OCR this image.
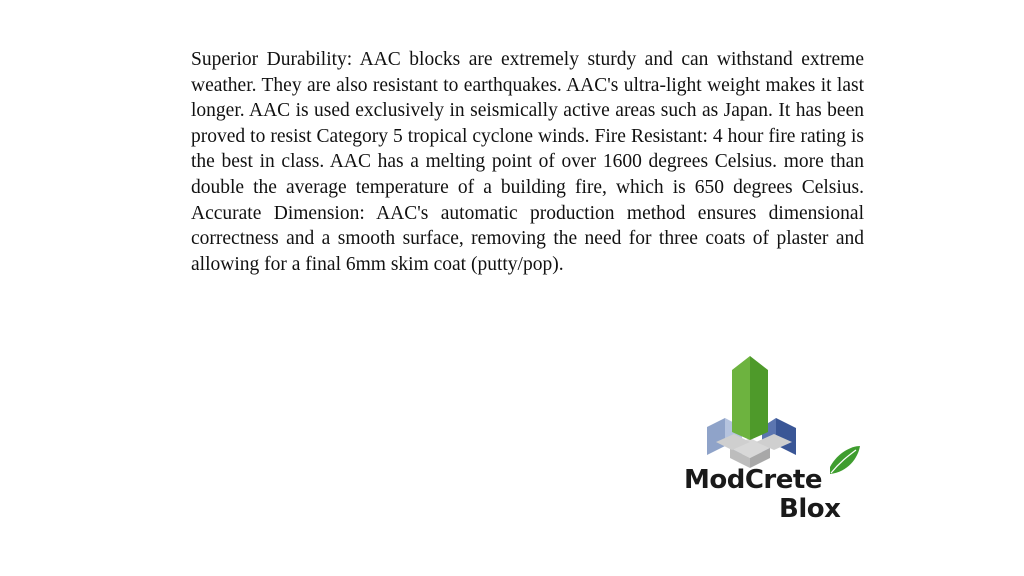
Superior Durability: AAC blocks are extremely sturdy and can withstand extreme weather. They are also resistant to earthquakes. AAC's ultra-light weight makes it last longer. AAC is used exclusively in seismically active areas such as Japan. It has been proved to resist Category 5 tropical cyclone winds. Fire Resistant: 4 hour fire rating is the best in class. AAC has a melting point of over 1600 degrees Celsius. more than double the average temperature of a building fire, which is 650 degrees Celsius. Accurate Dimension: AAC's automatic production method ensures dimensional correctness and a smooth surface, removing the need for three coats of plaster and allowing for a final 6mm skim coat (putty/pop).

ModCrete
Blox
